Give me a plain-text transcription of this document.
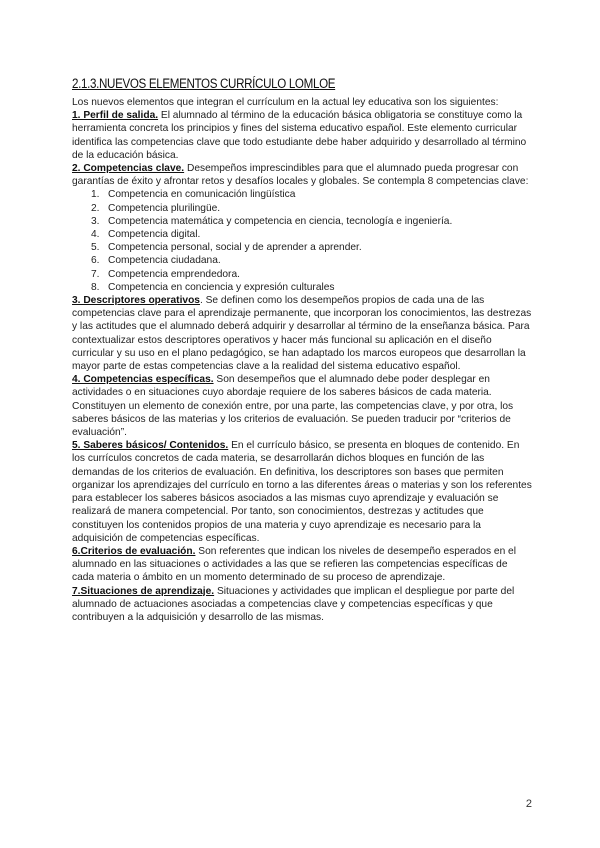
2.1.3.NUEVOS ELEMENTOS CURRÍCULO LOMLOE

Los nuevos elementos que integran el currículum en la actual ley educativa son los siguientes:

1. Perfil de salida. El alumnado al término de la educación básica obligatoria se constituye como la herramienta concreta los principios y fines del sistema educativo español. Este elemento curricular identifica las competencias clave que todo estudiante debe haber adquirido y desarrollado al término de la educación básica.

2. Competencias clave. Desempeños imprescindibles para que el alumnado pueda progresar con garantías de éxito y afrontar retos y desafíos locales y globales. Se contempla 8 competencias clave:

1. Competencia en comunicación lingüística
2. Competencia plurilingüe.
3. Competencia matemática y competencia en ciencia, tecnología e ingeniería.
4. Competencia digital.
5. Competencia personal, social y de aprender a aprender.
6. Competencia ciudadana.
7. Competencia emprendedora.
8. Competencia en conciencia y expresión culturales

3. Descriptores operativos. Se definen como los desempeños propios de cada una de las competencias clave para el aprendizaje permanente, que incorporan los conocimientos, las destrezas y las actitudes que el alumnado deberá adquirir y desarrollar al término de la enseñanza básica. Para contextualizar estos descriptores operativos y hacer más funcional su aplicación en el diseño curricular y su uso en el plano pedagógico, se han adaptado los marcos europeos que desarrollan la mayor parte de estas competencias clave a la realidad del sistema educativo español.

4. Competencias específicas. Son desempeños que el alumnado debe poder desplegar en actividades o en situaciones cuyo abordaje requiere de los saberes básicos de cada materia. Constituyen un elemento de conexión entre, por una parte, las competencias clave, y por otra, los saberes básicos de las materias y los criterios de evaluación. Se pueden traducir por “criterios de evaluación”.

5. Saberes básicos/ Contenidos. En el currículo básico, se presenta en bloques de contenido. En los currículos concretos de cada materia, se desarrollarán dichos bloques en función de las demandas de los criterios de evaluación. En definitiva, los descriptores son bases que permiten organizar los aprendizajes del currículo en torno a las diferentes áreas o materias y son los referentes para establecer los saberes básicos asociados a las mismas cuyo aprendizaje y evaluación se realizará de manera competencial. Por tanto, son conocimientos, destrezas y actitudes que constituyen los contenidos propios de una materia y cuyo aprendizaje es necesario para la adquisición de competencias específicas.

6.Criterios de evaluación. Son referentes que indican los niveles de desempeño esperados en el alumnado en las situaciones o actividades a las que se refieren las competencias específicas de cada materia o ámbito en un momento determinado de su proceso de aprendizaje.

7.Situaciones de aprendizaje. Situaciones y actividades que implican el despliegue por parte del alumnado de actuaciones asociadas a competencias clave y competencias específicas y que contribuyen a la adquisición y desarrollo de las mismas.

2
